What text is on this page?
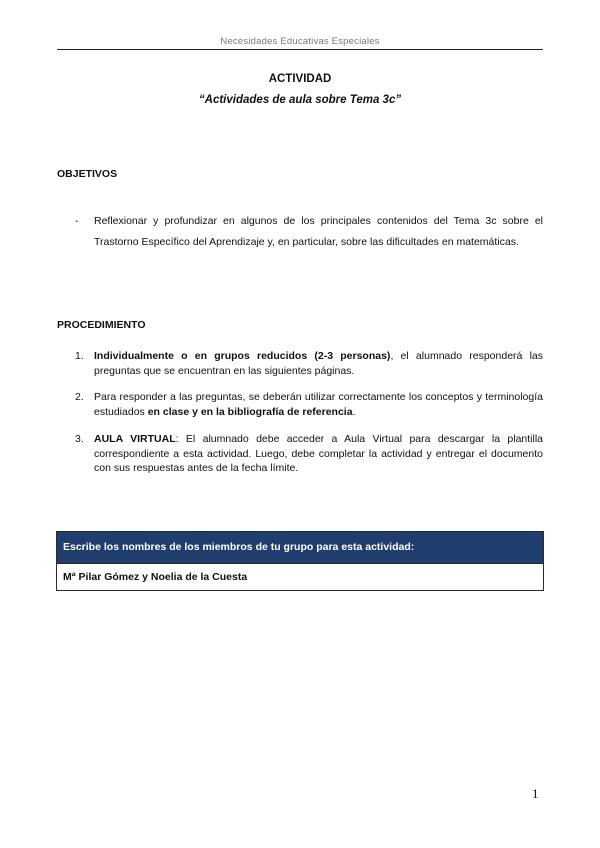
Necesidades Educativas Especiales
ACTIVIDAD
“Actividades de aula sobre Tema 3c”
OBJETIVOS
- Reflexionar y profundizar en algunos de los principales contenidos del Tema 3c sobre el Trastorno Específico del Aprendizaje y, en particular, sobre las dificultades en matemáticas.
PROCEDIMIENTO
1. Individualmente o en grupos reducidos (2-3 personas), el alumnado responderá las preguntas que se encuentran en las siguientes páginas.
2. Para responder a las preguntas, se deberán utilizar correctamente los conceptos y terminología estudiados en clase y en la bibliografía de referencia.
3. AULA VIRTUAL: El alumnado debe acceder a Aula Virtual para descargar la plantilla correspondiente a esta actividad. Luego, debe completar la actividad y entregar el documento con sus respuestas antes de la fecha límite.
Escribe los nombres de los miembros de tu grupo para esta actividad:
Mª Pilar Gómez y Noelia de la Cuesta
1
